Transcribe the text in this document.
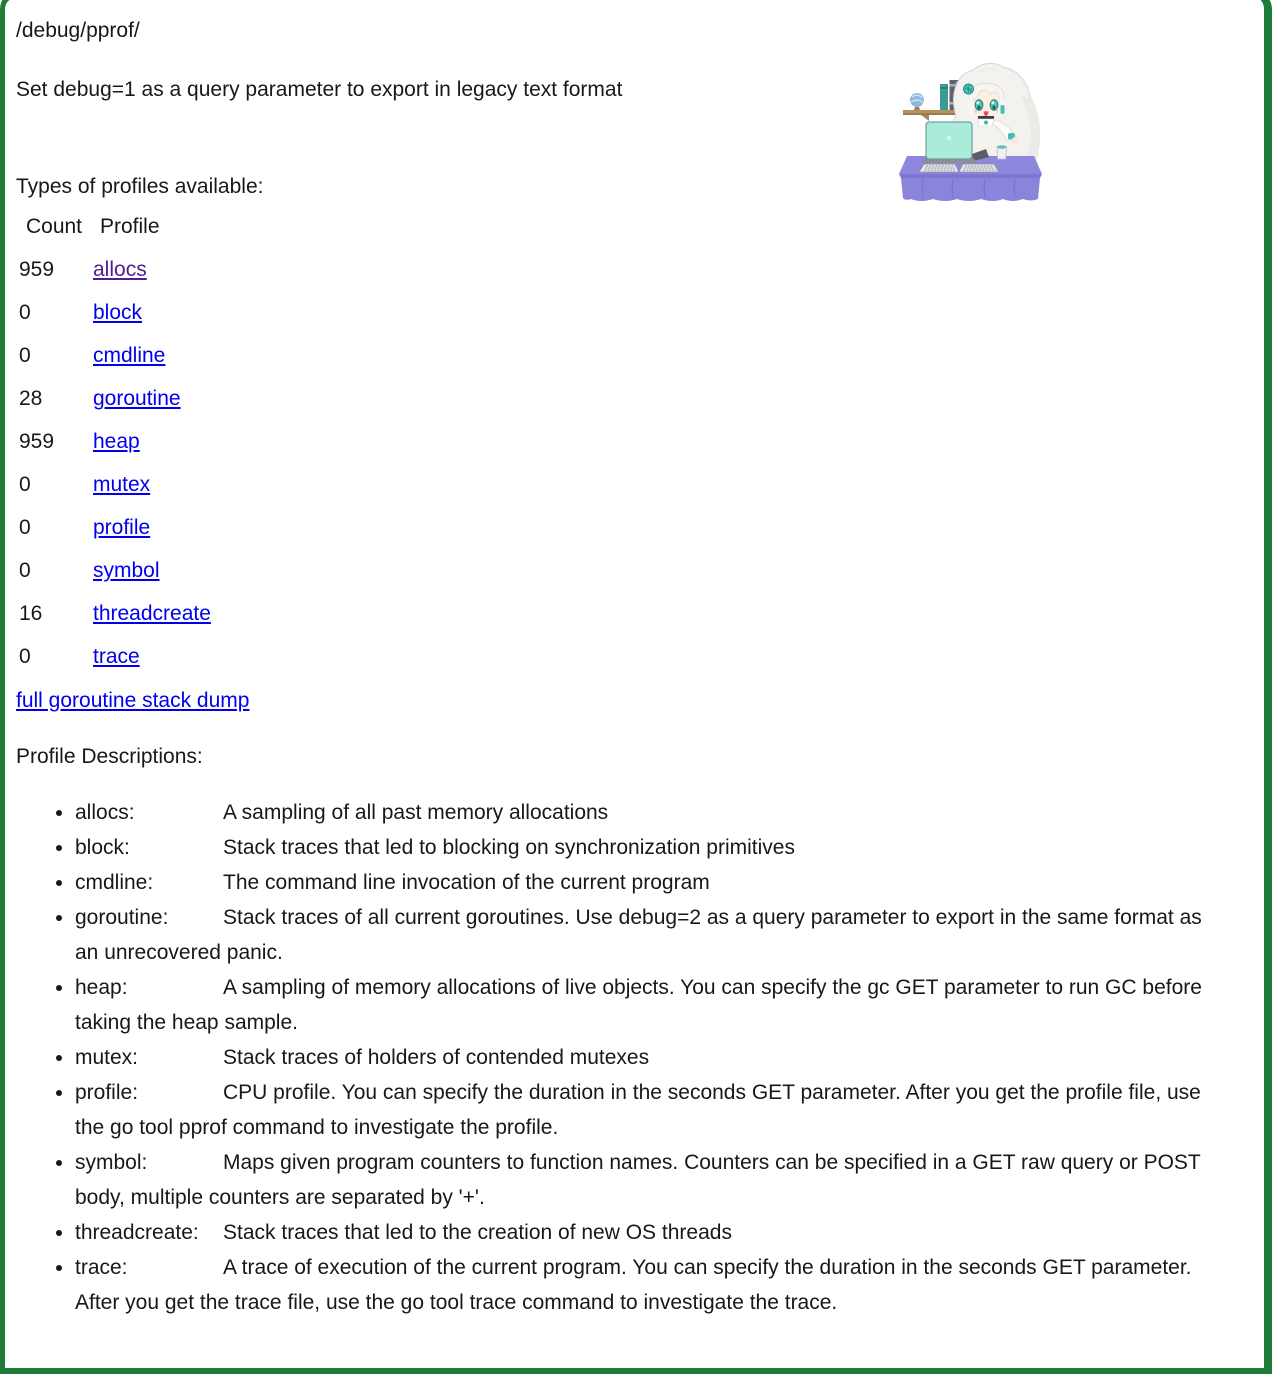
/debug/pprof/

Set debug=1 as a query parameter to export in legacy text format

Types of profiles available:
Count	Profile
959	allocs
0	block
0	cmdline
28	goroutine
959	heap
0	mutex
0	profile
0	symbol
16	threadcreate
0	trace
full goroutine stack dump

Profile Descriptions:

• allocs:	A sampling of all past memory allocations
• block:	Stack traces that led to blocking on synchronization primitives
• cmdline:	The command line invocation of the current program
• goroutine:	Stack traces of all current goroutines. Use debug=2 as a query parameter to export in the same format as an unrecovered panic.
• heap:	A sampling of memory allocations of live objects. You can specify the gc GET parameter to run GC before taking the heap sample.
• mutex:	Stack traces of holders of contended mutexes
• profile:	CPU profile. You can specify the duration in the seconds GET parameter. After you get the profile file, use the go tool pprof command to investigate the profile.
• symbol:	Maps given program counters to function names. Counters can be specified in a GET raw query or POST body, multiple counters are separated by '+'.
• threadcreate:Stack traces that led to the creation of new OS threads
• trace:	A trace of execution of the current program. You can specify the duration in the seconds GET parameter. After you get the trace file, use the go tool trace command to investigate the trace.
